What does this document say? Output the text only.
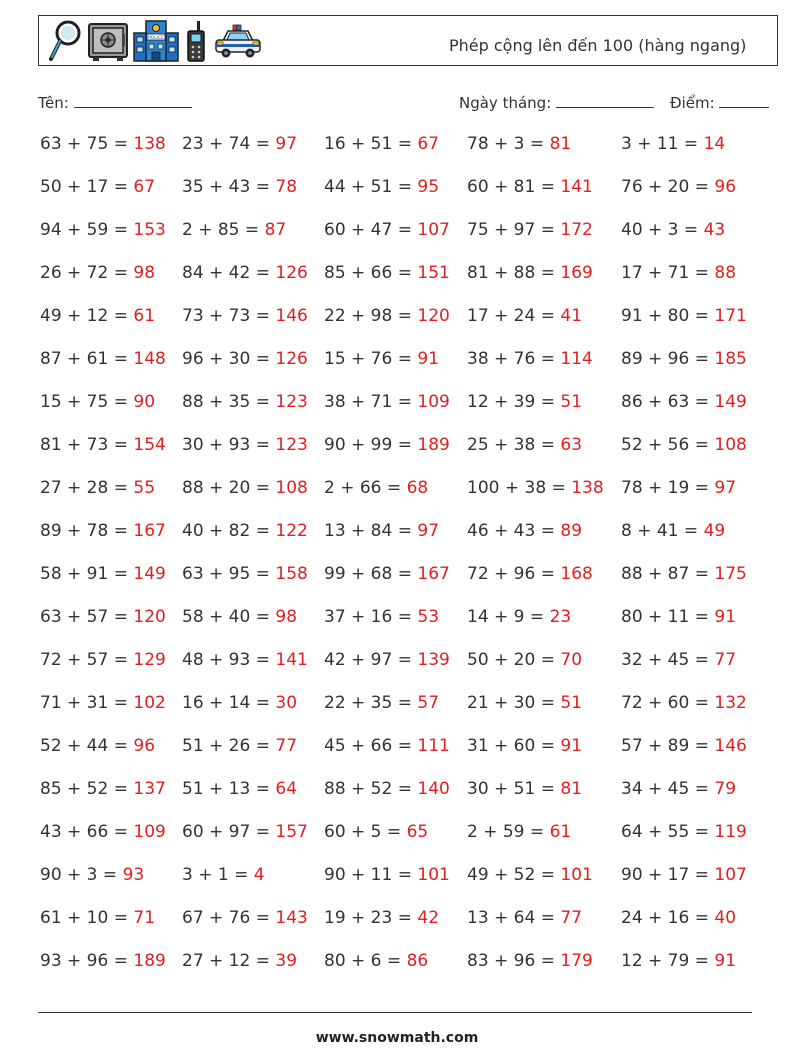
POLICE	Phép cộng lên đến 100 (hàng ngang)
Tên:	Ngày tháng:	Điểm:
63 + 75 = 138 23 + 74 = 97 16 + 51 = 67 78 + 3 = 81	3 + 11 = 14
50 + 17 = 67 35 + 43 = 78 44 + 51 = 95 60 + 81 = 141 76 + 20 = 96
94 + 59 = 153 2 + 85 = 87 60 + 47 = 107 75 + 97 = 172 40 + 3 = 43
26 + 72 = 98 84 + 42 = 126 85 + 66 = 151 81 + 88 = 169 17 + 71 = 88
49 + 12 = 61 73 + 73 = 146 22 + 98 = 120 17 + 24 = 41 91 + 80 = 171
87 + 61 = 148 96 + 30 = 126 15 + 76 = 91 38 + 76 = 114 89 + 96 = 185
15 + 75 = 90 88 + 35 = 123 38 + 71 = 109 12 + 39 = 51 86 + 63 = 149
81 + 73 = 154 30 + 93 = 123 90 + 99 = 189 25 + 38 = 63 52 + 56 = 108
27 + 28 = 55 88 + 20 = 108 2 + 66 = 68 100 + 38 = 138 78 + 19 = 97
89 + 78 = 167 40 + 82 = 122 13 + 84 = 97 46 + 43 = 89 8 + 41 = 49
58 + 91 = 149 63 + 95 = 158 99 + 68 = 167 72 + 96 = 168 88 + 87 = 175
63 + 57 = 120 58 + 40 = 98 37 + 16 = 53 14 + 9 = 23	80 + 11 = 91
72 + 57 = 129 48 + 93 = 141 42 + 97 = 139 50 + 20 = 70 32 + 45 = 77
71 + 31 = 102 16 + 14 = 30 22 + 35 = 57 21 + 30 = 51 72 + 60 = 132
52 + 44 = 96 51 + 26 = 77 45 + 66 = 111 31 + 60 = 91 57 + 89 = 146
85 + 52 = 137 51 + 13 = 64 88 + 52 = 140 30 + 51 = 81 34 + 45 = 79
43 + 66 = 109 60 + 97 = 157 60 + 5 = 65 2 + 59 = 61	64 + 55 = 119
90 + 3 = 93 3 + 1 = 4	90 + 11 = 101 49 + 52 = 101 90 + 17 = 107
61 + 10 = 71 67 + 76 = 143 19 + 23 = 42 13 + 64 = 77 24 + 16 = 40
93 + 96 = 189 27 + 12 = 39 80 + 6 = 86 83 + 96 = 179 12 + 79 = 91
www.snowmath.com
